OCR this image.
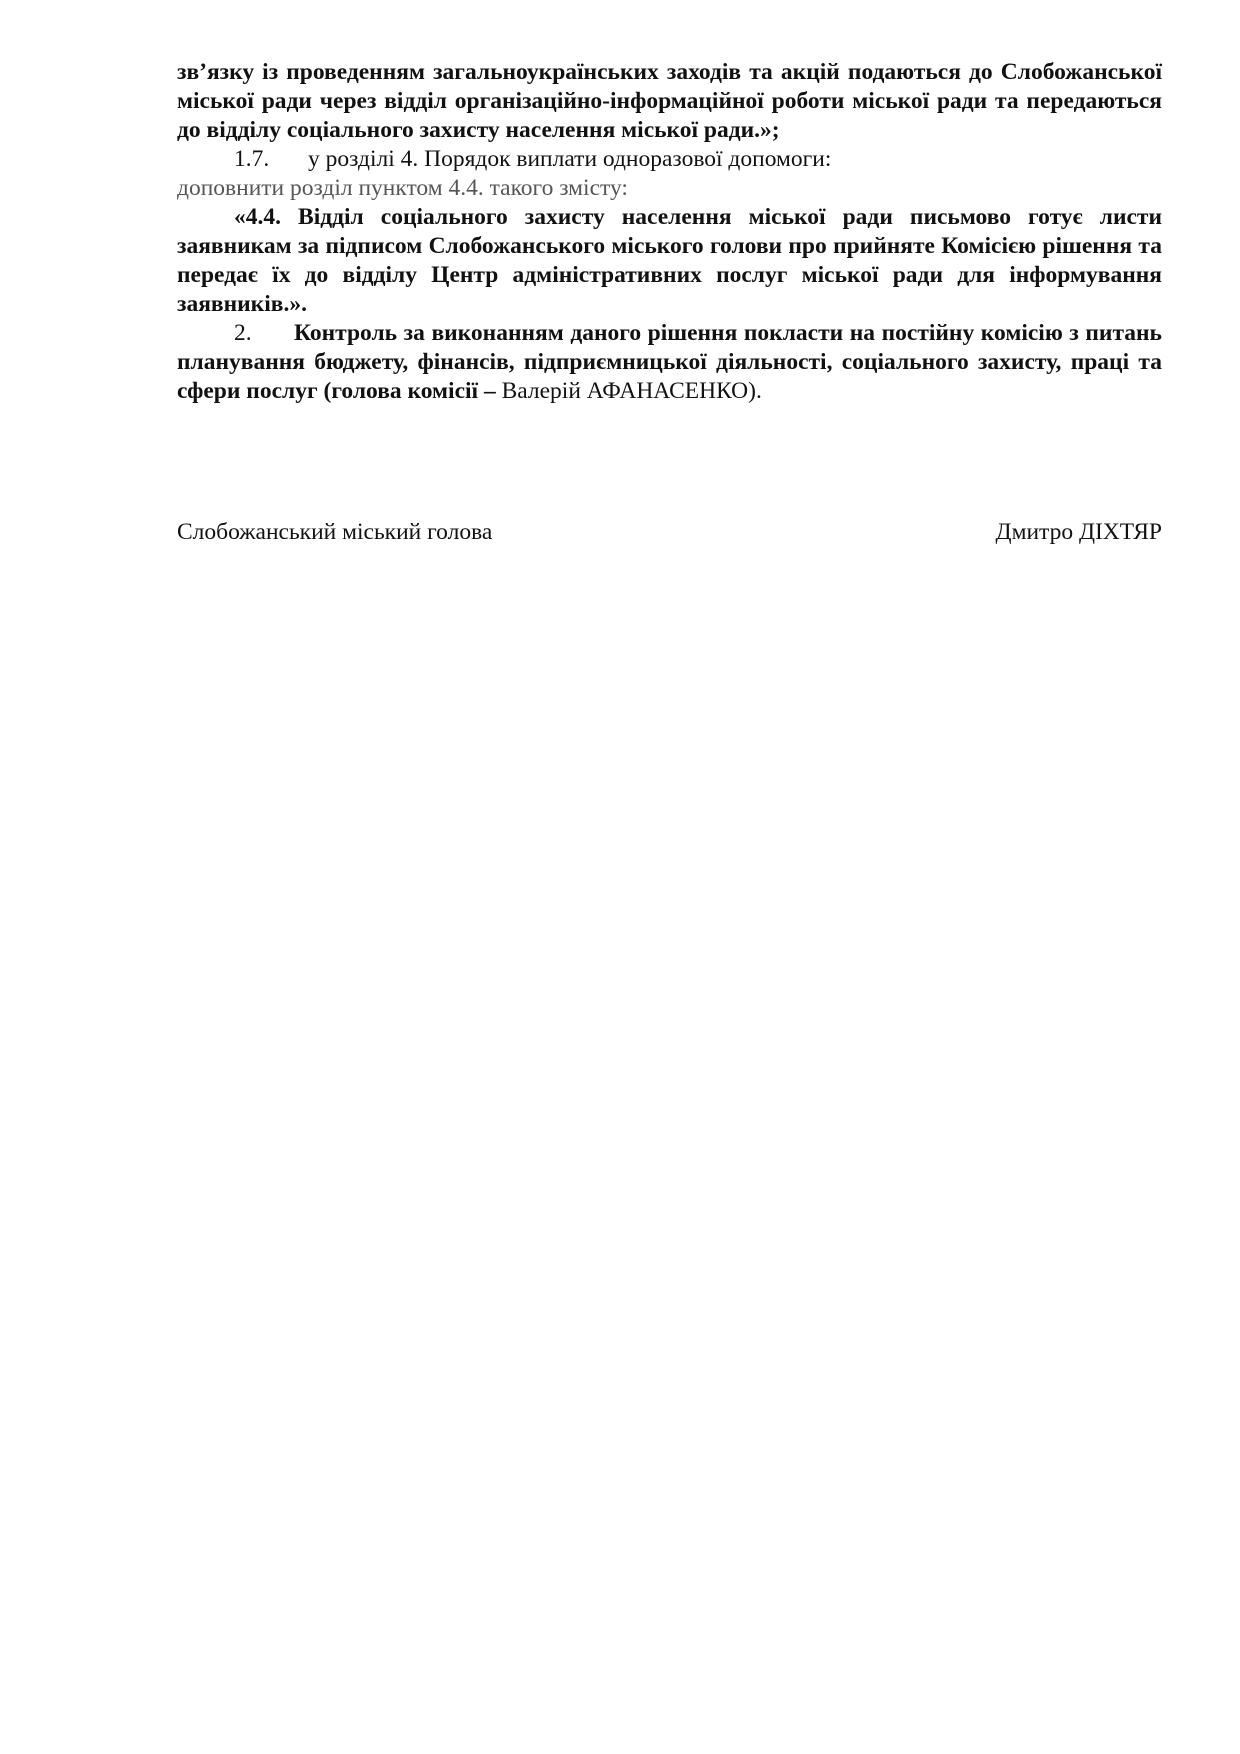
зв’язку із проведенням загальноукраїнських заходів та акцій подаються до Слобожанської міської ради через відділ організаційно-інформаційної роботи міської ради та передаються до відділу соціального захисту населення міської ради.»;

1.7. у розділі 4. Порядок виплати одноразової допомоги:

доповнити розділ пунктом 4.4. такого змісту:

«4.4. Відділ соціального захисту населення міської ради письмово готує листи заявникам за підписом Слобожанського міського голови про прийняте Комісією рішення та передає їх до відділу Центр адміністративних послуг міської ради для інформування заявників.».

2. Контроль за виконанням даного рішення покласти на постійну комісію з питань планування бюджету, фінансів, підприємницької діяльності, соціального захисту, праці та сфери послуг (голова комісії – Валерій АФАНАСЕНКО).

Слобожанський міський голова	Дмитро ДІХТЯР
